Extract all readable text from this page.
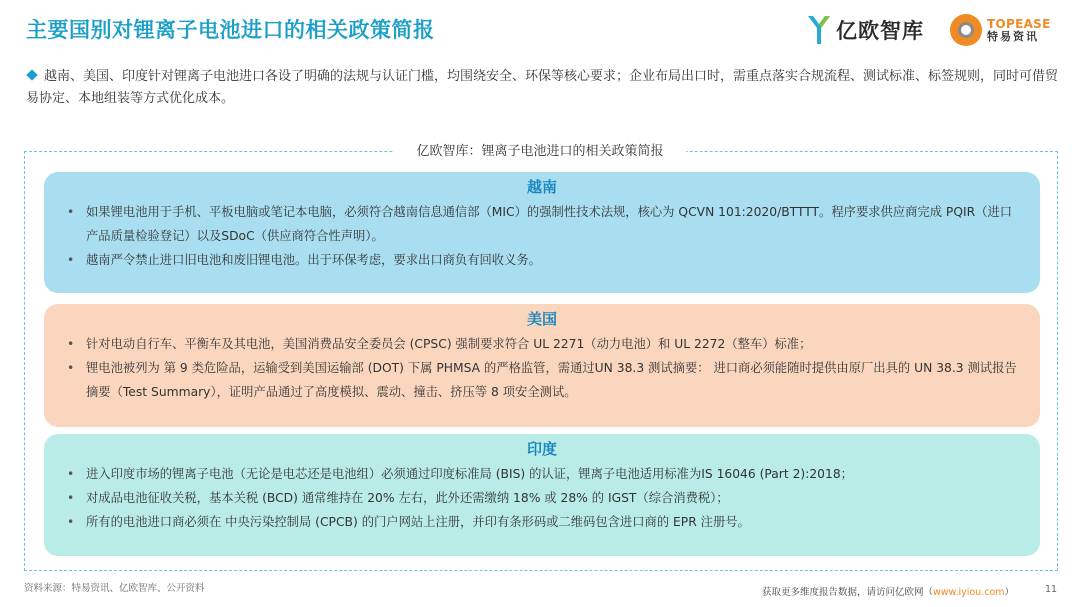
主要国别对锂离子电池进口的相关政策简报	亿欧智库	TOPEASE
特易资讯
越南、美国、印度针对锂离子电池进口各设了明确的法规与认证门槛，均围绕安全、环保等核心要求；企业布局出口时，需重点落实合规流程、测试标准、标签规则，同时可借贸易协定、本地组装等方式优化成本。
亿欧智库：锂离子电池进口的相关政策简报
越南
• 如果锂电池用于手机、平板电脑或笔记本电脑，必须符合越南信息通信部（MIC）的强制性技术法规，核心为 QCVN 101:2020/BTTTT。程序要求供应商完成 PQIR（进口产品质量检验登记）以及SDoC（供应商符合性声明）。
• 越南严令禁止进口旧电池和废旧锂电池。出于环保考虑，要求出口商负有回收义务。
美国
• 针对电动自行车、平衡车及其电池，美国消费品安全委员会 (CPSC) 强制要求符合 UL 2271（动力电池）和 UL 2272（整车）标准；
• 锂电池被列为 第 9 类危险品，运输受到美国运输部 (DOT) 下属 PHMSA 的严格监管，需通过UN 38.3 测试摘要： 进口商必须能随时提供由原厂出具的 UN 38.3 测试报告摘要（Test Summary），证明产品通过了高度模拟、震动、撞击、挤压等 8 项安全测试。
印度
• 进入印度市场的锂离子电池（无论是电芯还是电池组）必须通过印度标准局 (BIS) 的认证，锂离子电池适用标准为IS 16046 (Part 2):2018；
• 对成品电池征收关税，基本关税 (BCD) 通常维持在 20% 左右，此外还需缴纳 18% 或 28% 的 IGST（综合消费税）；
• 所有的电池进口商必须在 中央污染控制局 (CPCB) 的门户网站上注册，并印有条形码或二维码包含进口商的 EPR 注册号。
资料来源：特易资讯、亿欧智库、公开资料	获取更多维度报告数据，请访问亿欧网（www.iyiou.com）	11
